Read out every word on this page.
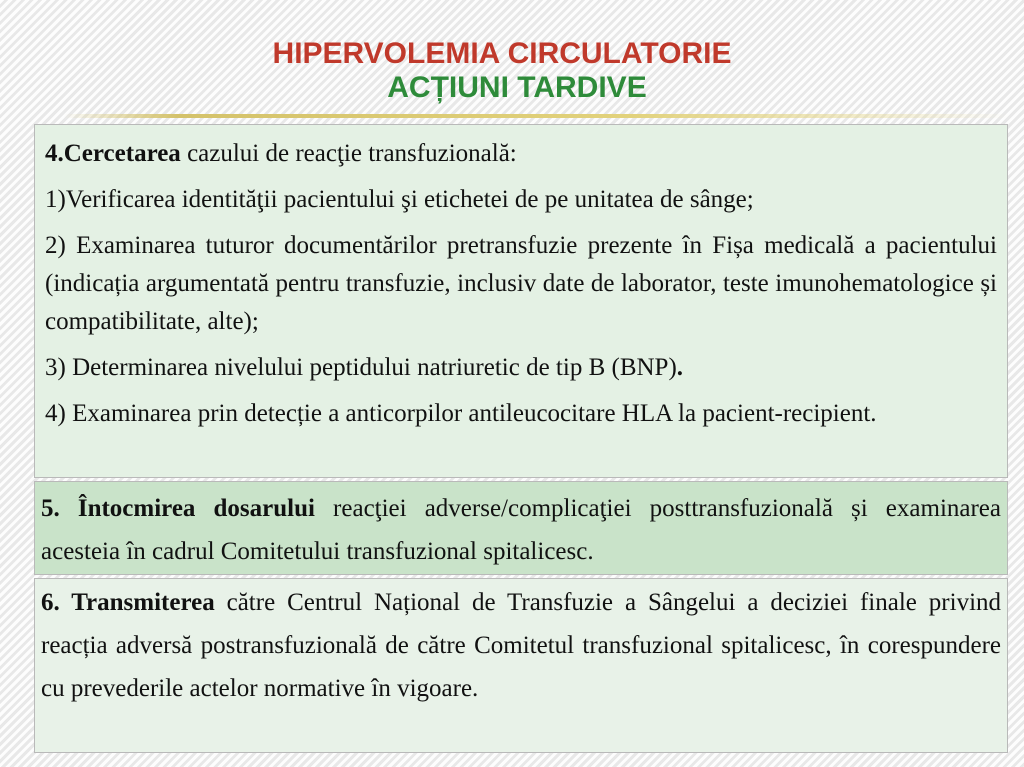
HIPERVOLEMIA CIRCULATORIE
ACȚIUNI TARDIVE

4.Cercetarea cazului de reacţie transfuzională:

1)Verificarea identităţii pacientului şi etichetei de pe unitatea de sânge;

2) Examinarea tuturor documentărilor pretransfuzie prezente în Fișa medicală a pacientului (indicația argumentată pentru transfuzie, inclusiv date de laborator, teste imunohematologice și compatibilitate, alte);

3) Determinarea nivelului peptidului natriuretic de tip B (BNP).

4) Examinarea prin detecție a anticorpilor antileucocitare HLA la pacient-recipient.

5. Întocmirea dosarului reacţiei adverse/complicaţiei posttransfuzională și examinarea acesteia în cadrul Comitetului transfuzional spitalicesc.
6. Transmiterea către Centrul Național de Transfuzie a Sângelui a deciziei finale privind reacția adversă postransfuzională de către Comitetul transfuzional spitalicesc, în corespundere cu prevederile actelor normative în vigoare.
